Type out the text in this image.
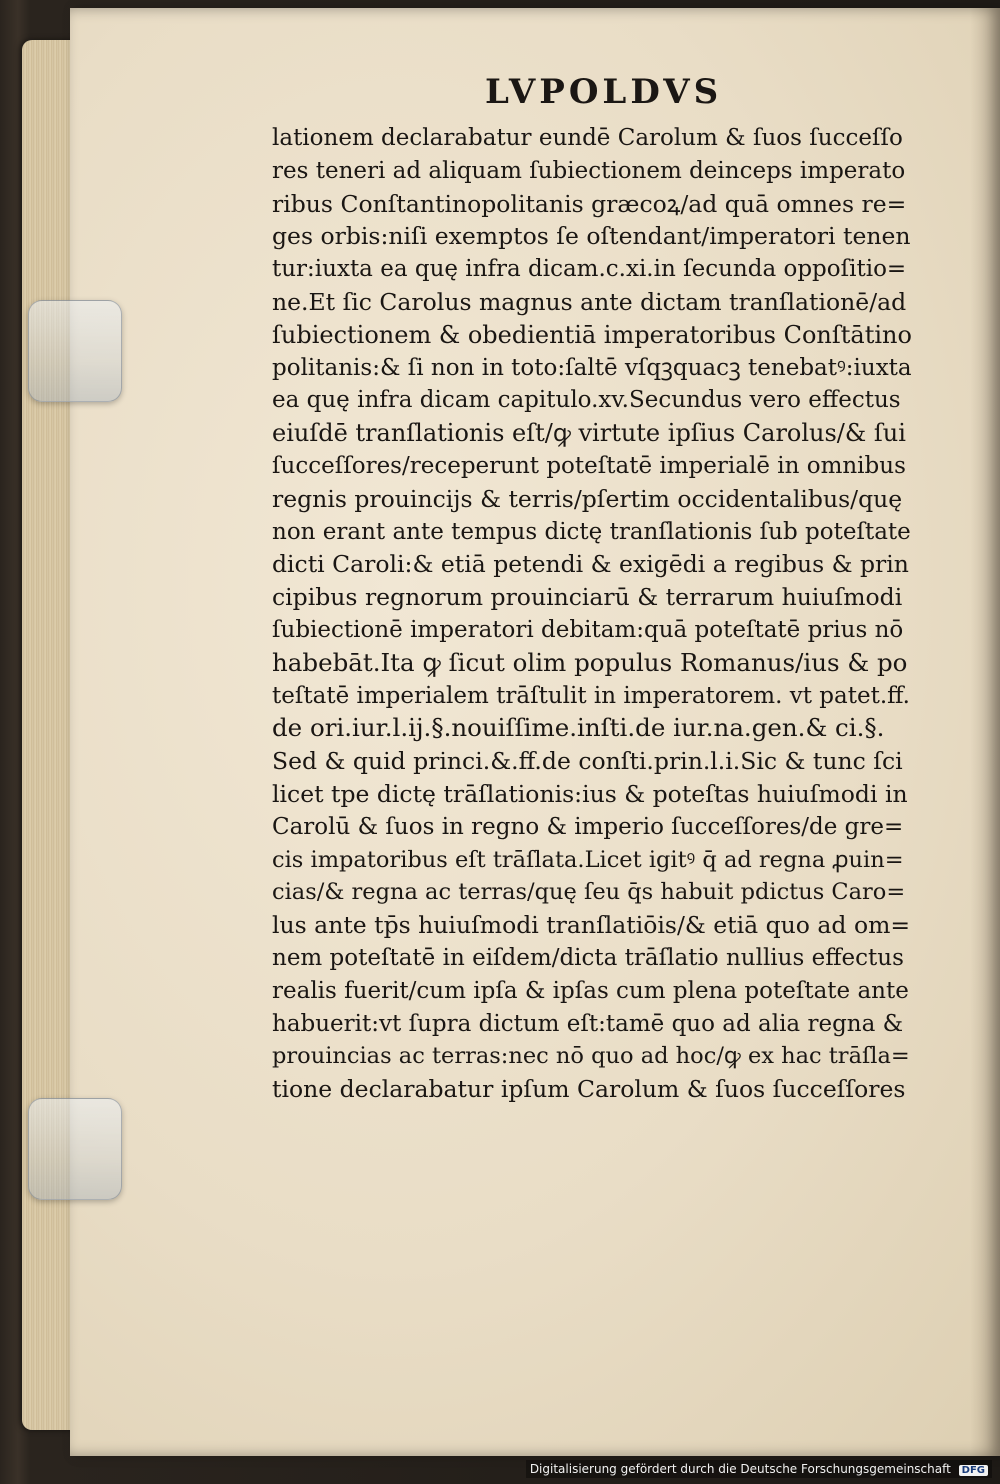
LVPOLDVS
lationem declarabatur eundē Carolum & ſuos ſucceſſo
res teneri ad aliquam ſubiectionem deinceps imperato
ribus Conſtantinopolitanis græcoꝝ/ad quā omnes re=
ges orbis:niſi exemptos ſe oſtendant/imperatori tenen
tur:iuxta ea quę infra dicam.c.xi.in ſecunda oppoſitio=
ne.Et ſic Carolus magnus ante dictam tranſlationē/ad
ſubiectionem & obedientiā imperatoribus Conſtātino
politanis:& ſi non in toto:ſaltē vſqꝫquacꝫ tenebatꝰ:iuxta
ea quę infra dicam capitulo.xv.Secundus vero effectus
eiuſdē tranſlationis eſt/ꝙ virtute ipſius Carolus/& ſui
ſucceſſores/receperunt poteſtatē imperialē in omnibus
regnis prouincijs & terris/pſertim occidentalibus/quę
non erant ante tempus dictę tranſlationis ſub poteſtate
dicti Caroli:& etiā petendi & exigēdi a regibus & prin
cipibus regnorum prouinciarū & terrarum huiuſmodi
ſubiectionē imperatori debitam:quā poteſtatē prius nō
habebāt.Ita ꝙ ſicut olim populus Romanus/ius & po
teſtatē imperialem trāſtulit in imperatorem. vt patet.ff.
de ori.iur.l.ij.§.nouiſſime.inſti.de iur.na.gen.& ci.§.
Sed & quid princi.&.ff.de conſti.prin.l.i.Sic & tunc ſci
licet tpe dictę trāſlationis:ius & poteſtas huiuſmodi in
Carolū & ſuos in regno & imperio ſucceſſores/de gre=
cis impatoribus eſt trāſlata.Licet igitꝰ q̄ ad regna ꝓuin=
cias/& regna ac terras/quę ſeu q̄s habuit pdictus Caro=
lus ante tp̄s huiuſmodi tranſlatiōis/& etiā quo ad om=
nem poteſtatē in eiſdem/dicta trāſlatio nullius effectus
realis fuerit/cum ipſa & ipſas cum plena poteſtate ante
habuerit:vt ſupra dictum eſt:tamē quo ad alia regna &
prouincias ac terras:nec nō quo ad hoc/ꝙ ex hac trāſla=
tione declarabatur ipſum Carolum & ſuos ſucceſſores
Digitalisierung gefördert durch die Deutsche Forschungsgemeinschaft DFG
